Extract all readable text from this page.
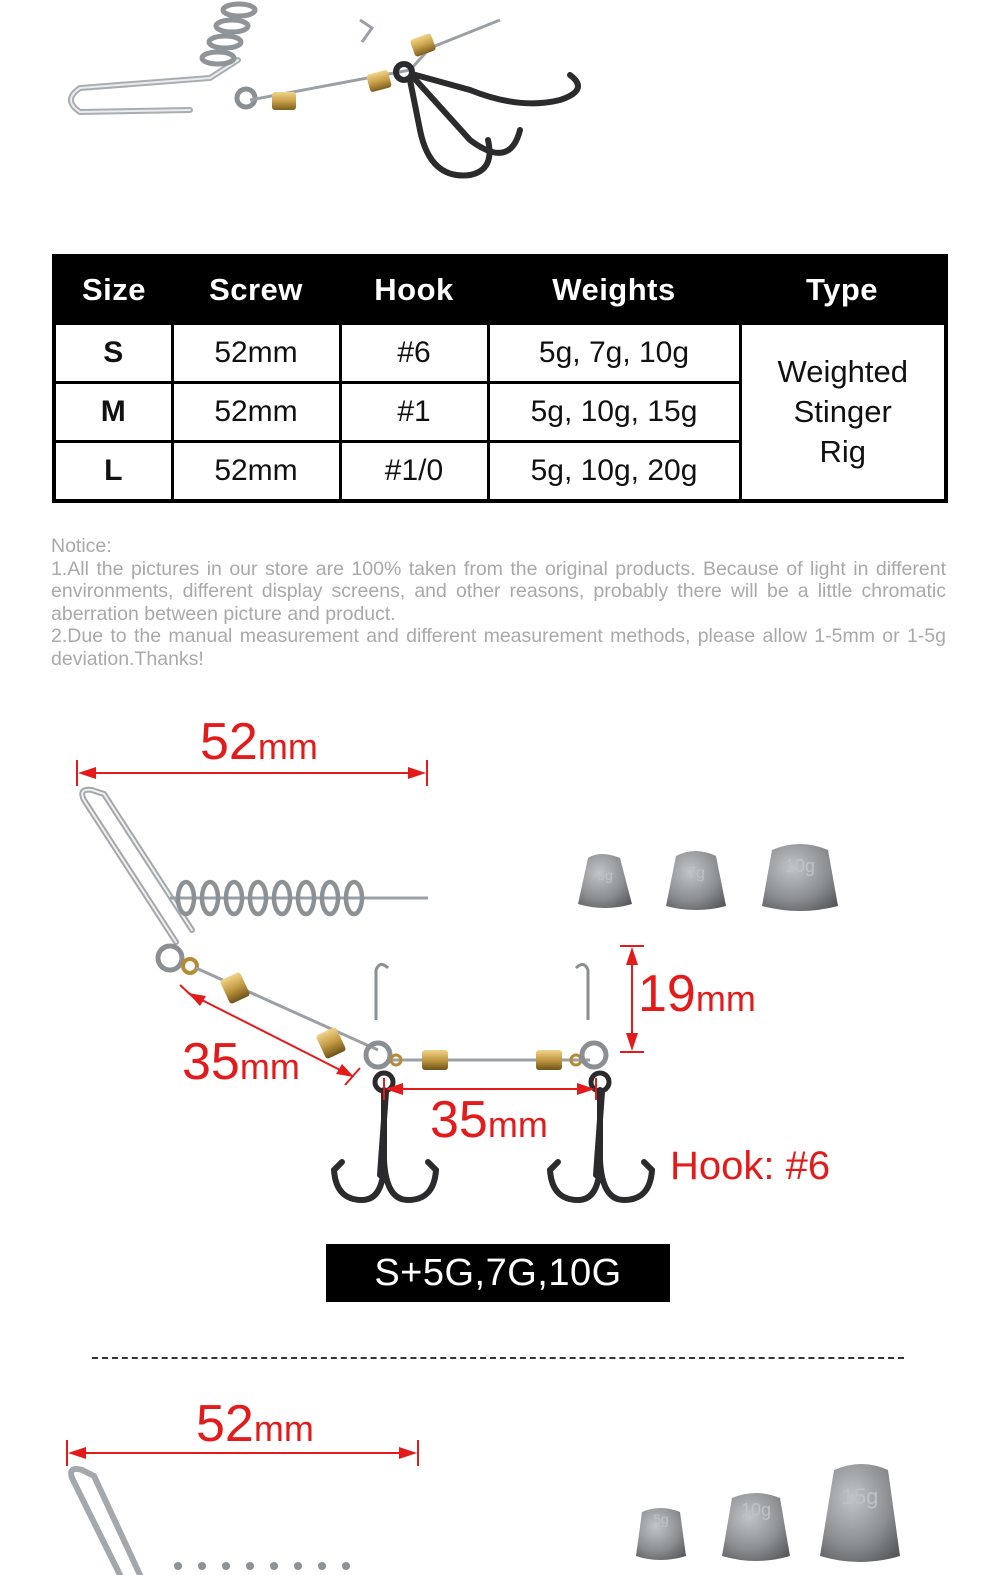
Size	Screw	Hook	Weights	Type
S	52mm	#6	5g, 7g, 10g	Weighted
Stinger
Rig

M	52mm	#1	5g, 10g, 15g	
L	52mm	#1/0	5g, 10g, 20g	

Notice:

1.All the pictures in our store are 100% taken from the original products. Because of light in different environments, different display screens, and other reasons, probably there will be a little chromatic aberration between picture and product.

2.Due to the manual measurement and different measurement methods, please allow 1-5mm or 1-5g deviation.Thanks!

5g	7g	10g
5g	10g
15g
52mm
35mm
35mm
19mm
Hook: #6
S+5G,7G,10G
52mm
